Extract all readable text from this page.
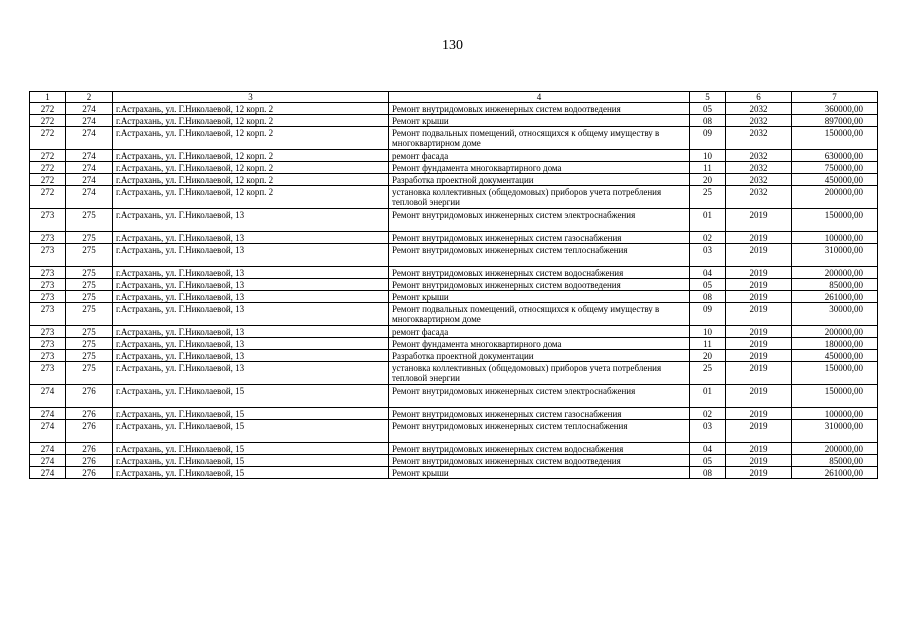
130
1	2	3	4	5	6	7
272	274	г.Астрахань, ул. Г.Николаевой, 12 корп. 2	Ремонт внутридомовых инженерных систем водоотведения	05	2032	360000,00
272	274	г.Астрахань, ул. Г.Николаевой, 12 корп. 2	Ремонт крыши	08	2032	897000,00
272	274	г.Астрахань, ул. Г.Николаевой, 12 корп. 2	Ремонт подвальных помещений, относящихся к общему имуществу в многоквартирном доме	09	2032	150000,00
272	274	г.Астрахань, ул. Г.Николаевой, 12 корп. 2	ремонт фасада	10	2032	630000,00
272	274	г.Астрахань, ул. Г.Николаевой, 12 корп. 2	Ремонт фундамента многоквартирного дома	11	2032	750000,00
272	274	г.Астрахань, ул. Г.Николаевой, 12 корп. 2	Разработка проектной документации	20	2032	450000,00
272	274	г.Астрахань, ул. Г.Николаевой, 12 корп. 2	установка коллективных (общедомовых) приборов учета потребления тепловой энергии	25	2032	200000,00
273	275	г.Астрахань, ул. Г.Николаевой, 13	Ремонт внутридомовых инженерных систем электроснабжения	01	2019	150000,00
273	275	г.Астрахань, ул. Г.Николаевой, 13	Ремонт внутридомовых инженерных систем газоснабжения	02	2019	100000,00
273	275	г.Астрахань, ул. Г.Николаевой, 13	Ремонт внутридомовых инженерных систем теплоснабжения	03	2019	310000,00
273	275	г.Астрахань, ул. Г.Николаевой, 13	Ремонт внутридомовых инженерных систем водоснабжения	04	2019	200000,00
273	275	г.Астрахань, ул. Г.Николаевой, 13	Ремонт внутридомовых инженерных систем водоотведения	05	2019	85000,00
273	275	г.Астрахань, ул. Г.Николаевой, 13	Ремонт крыши	08	2019	261000,00
273	275	г.Астрахань, ул. Г.Николаевой, 13	Ремонт подвальных помещений, относящихся к общему имуществу в многоквартирном доме	09	2019	30000,00
273	275	г.Астрахань, ул. Г.Николаевой, 13	ремонт фасада	10	2019	200000,00
273	275	г.Астрахань, ул. Г.Николаевой, 13	Ремонт фундамента многоквартирного дома	11	2019	180000,00
273	275	г.Астрахань, ул. Г.Николаевой, 13	Разработка проектной документации	20	2019	450000,00
273	275	г.Астрахань, ул. Г.Николаевой, 13	установка коллективных (общедомовых) приборов учета потребления тепловой энергии	25	2019	150000,00
274	276	г.Астрахань, ул. Г.Николаевой, 15	Ремонт внутридомовых инженерных систем электроснабжения	01	2019	150000,00
274	276	г.Астрахань, ул. Г.Николаевой, 15	Ремонт внутридомовых инженерных систем газоснабжения	02	2019	100000,00
274	276	г.Астрахань, ул. Г.Николаевой, 15	Ремонт внутридомовых инженерных систем теплоснабжения	03	2019	310000,00
274	276	г.Астрахань, ул. Г.Николаевой, 15	Ремонт внутридомовых инженерных систем водоснабжения	04	2019	200000,00
274	276	г.Астрахань, ул. Г.Николаевой, 15	Ремонт внутридомовых инженерных систем водоотведения	05	2019	85000,00
274	276	г.Астрахань, ул. Г.Николаевой, 15	Ремонт крыши	08	2019	261000,00
